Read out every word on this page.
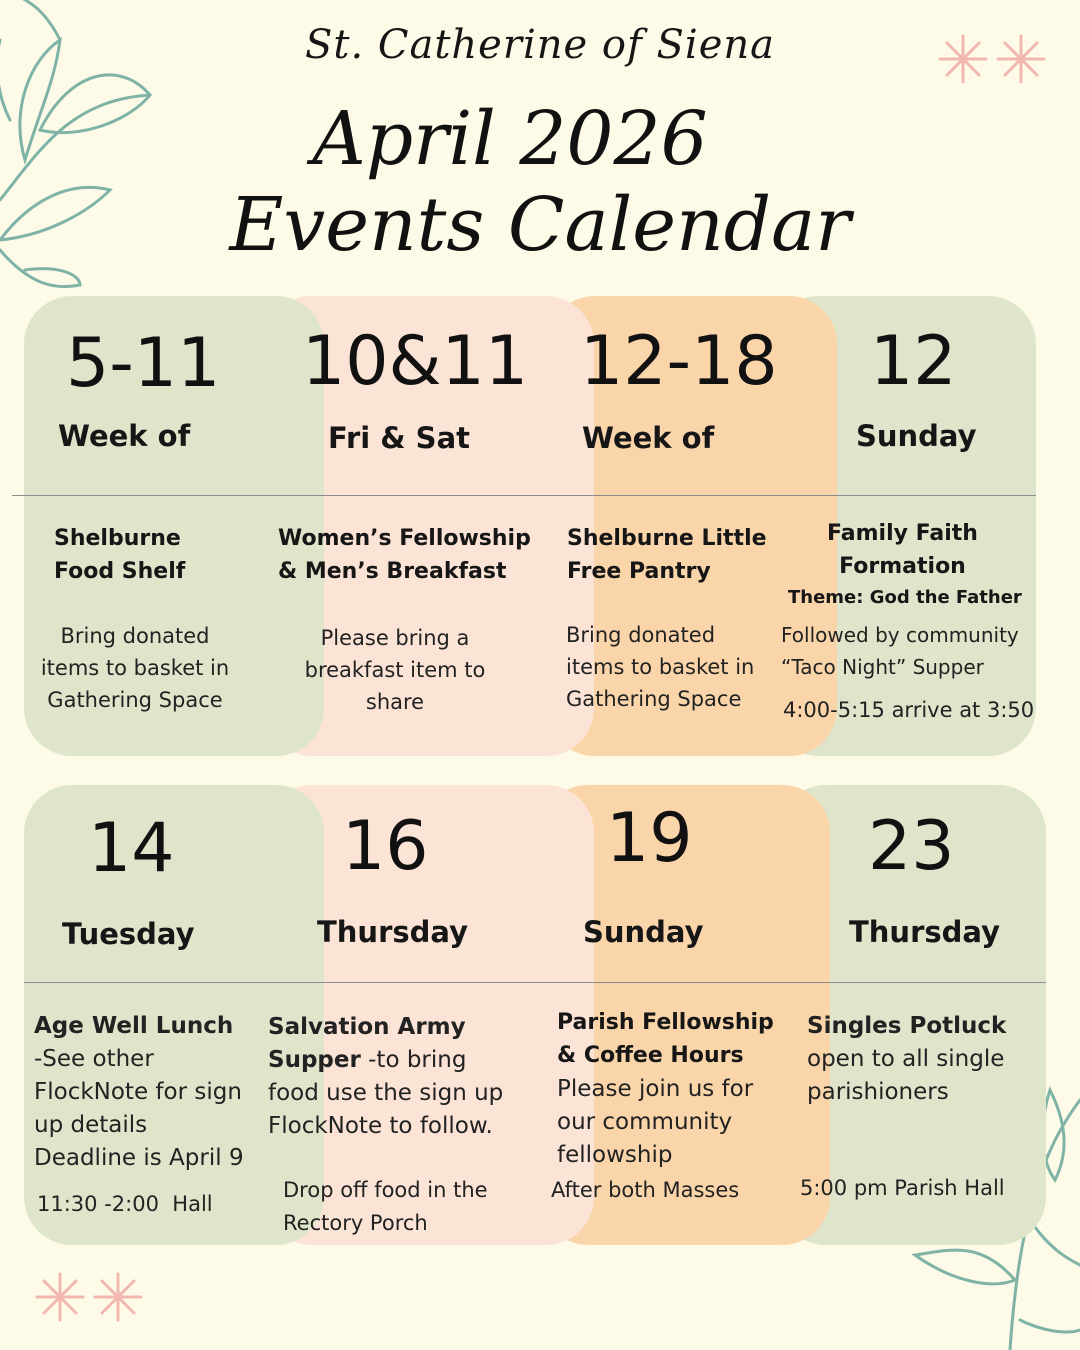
St. Catherine of Siena
April 2026
Events Calendar
5-11
Week of
10&11
Fri & Sat
12-18
Week of
12
Sunday
Shelburne
Food Shelf
Bring donated
items to basket in
Gathering Space
Women’s Fellowship
& Men’s Breakfast
Please bring a
breakfast item to
share
Shelburne Little
Free Pantry
Bring donated
items to basket in
Gathering Space
Family Faith
Formation
Theme: God the Father
Followed by community
“Taco Night” Supper
4:00-5:15 arrive at 3:50
14
Tuesday
16
Thursday
19
Sunday
23
Thursday
Age Well Lunch
-See other
FlockNote for sign
up details
Deadline is April 9
11:30 -2:00  Hall
Salvation Army
Supper -to bring
food use the sign up
FlockNote to follow.
Drop off food in the
Rectory Porch
Parish Fellowship
& Coffee Hours
Please join us for
our community
fellowship
After both Masses
Singles Potluck
open to all single
parishioners
5:00 pm Parish Hall
